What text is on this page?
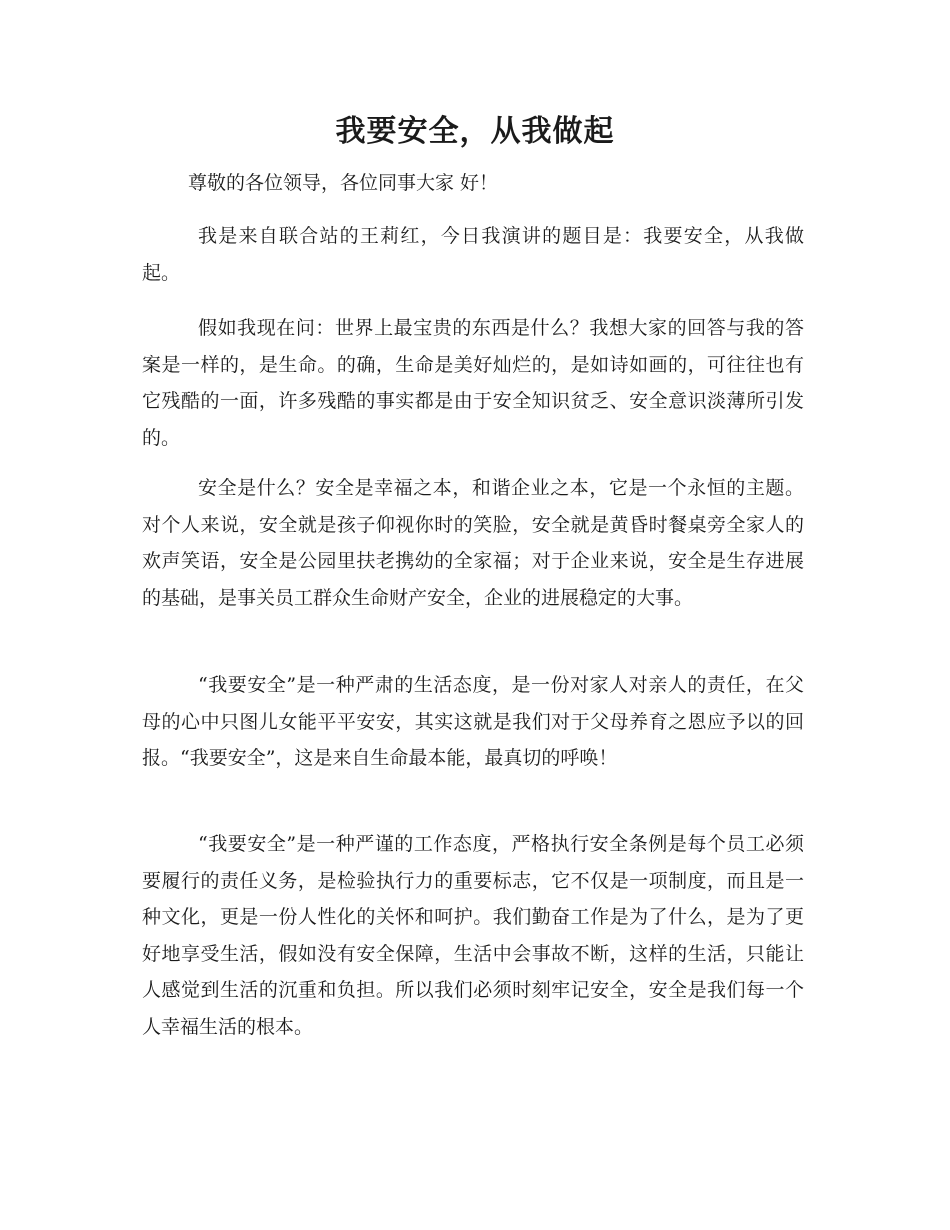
我要安全，从我做起
尊敬的各位领导，各位同事大家 好！

我是来自联合站的王莉红，今日我演讲的题目是：我要安全，从我做起。

假如我现在问：世界上最宝贵的东西是什么？我想大家的回答与我的答案是一样的，是生命。的确，生命是美好灿烂的，是如诗如画的，可往往也有它残酷的一面，许多残酷的事实都是由于安全知识贫乏、安全意识淡薄所引发的。

安全是什么？安全是幸福之本，和谐企业之本，它是一个永恒的主题。对个人来说，安全就是孩子仰视你时的笑脸，安全就是黄昏时餐桌旁全家人的欢声笑语，安全是公园里扶老携幼的全家福；对于企业来说，安全是生存进展的基础，是事关员工群众生命财产安全，企业的进展稳定的大事。

“我要安全”是一种严肃的生活态度，是一份对家人对亲人的责任，在父母的心中只图儿女能平平安安，其实这就是我们对于父母养育之恩应予以的回报。“我要安全”，这是来自生命最本能，最真切的呼唤！

“我要安全”是一种严谨的工作态度，严格执行安全条例是每个员工必须要履行的责任义务，是检验执行力的重要标志，它不仅是一项制度，而且是一种文化，更是一份人性化的关怀和呵护。我们勤奋工作是为了什么，是为了更好地享受生活，假如没有安全保障，生活中会事故不断，这样的生活，只能让人感觉到生活的沉重和负担。所以我们必须时刻牢记安全，安全是我们每一个人幸福生活的根本。
